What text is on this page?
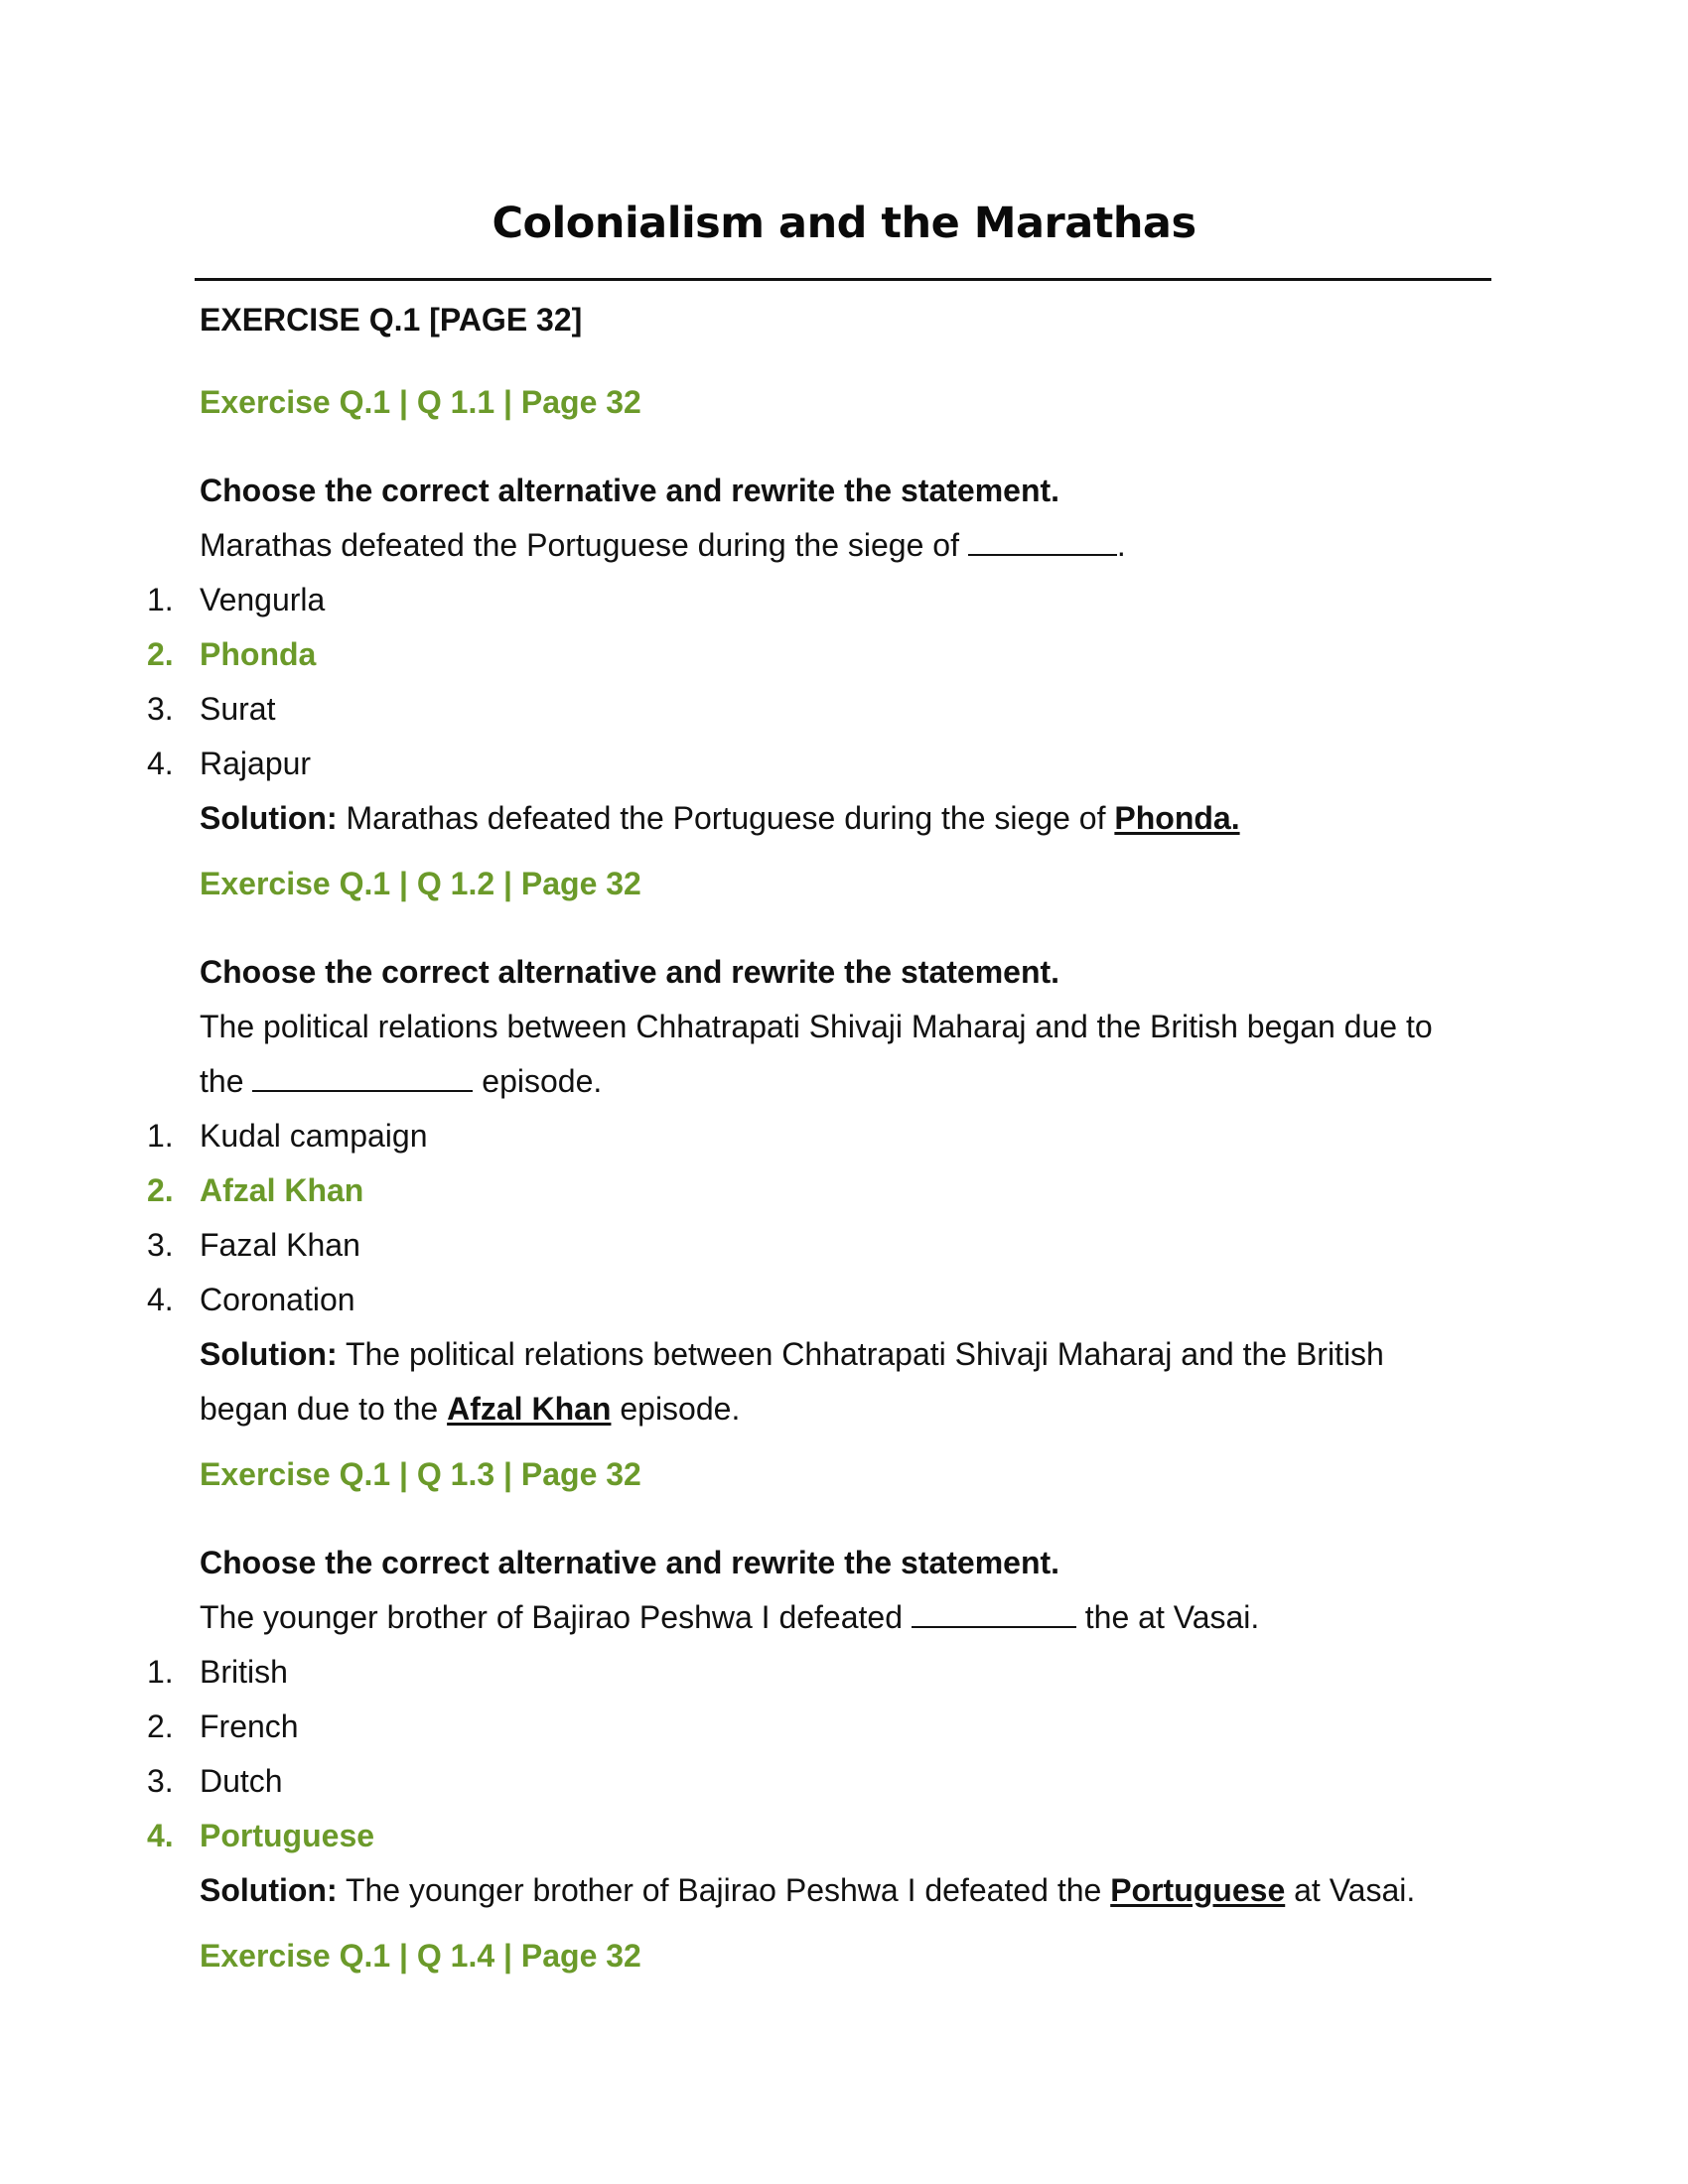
Colonialism and the Marathas
EXERCISE Q.1 [PAGE 32]
Exercise Q.1 | Q 1.1 | Page 32
Choose the correct alternative and rewrite the statement.
Marathas defeated the Portuguese during the siege of	.
1. Vengurla
2. Phonda
3. Surat
4. Rajapur
Solution: Marathas defeated the Portuguese during the siege of Phonda.
Exercise Q.1 | Q 1.2 | Page 32
Choose the correct alternative and rewrite the statement.
The political relations between Chhatrapati Shivaji Maharaj and the British began due to
the	episode.
1. Kudal campaign
2. Afzal Khan
3. Fazal Khan
4. Coronation
Solution: The political relations between Chhatrapati Shivaji Maharaj and the British
began due to the Afzal Khan episode.
Exercise Q.1 | Q 1.3 | Page 32
Choose the correct alternative and rewrite the statement.
The younger brother of Bajirao Peshwa I defeated	the at Vasai.
1. British
2. French
3. Dutch
4. Portuguese
Solution: The younger brother of Bajirao Peshwa I defeated the Portuguese at Vasai.
Exercise Q.1 | Q 1.4 | Page 32
